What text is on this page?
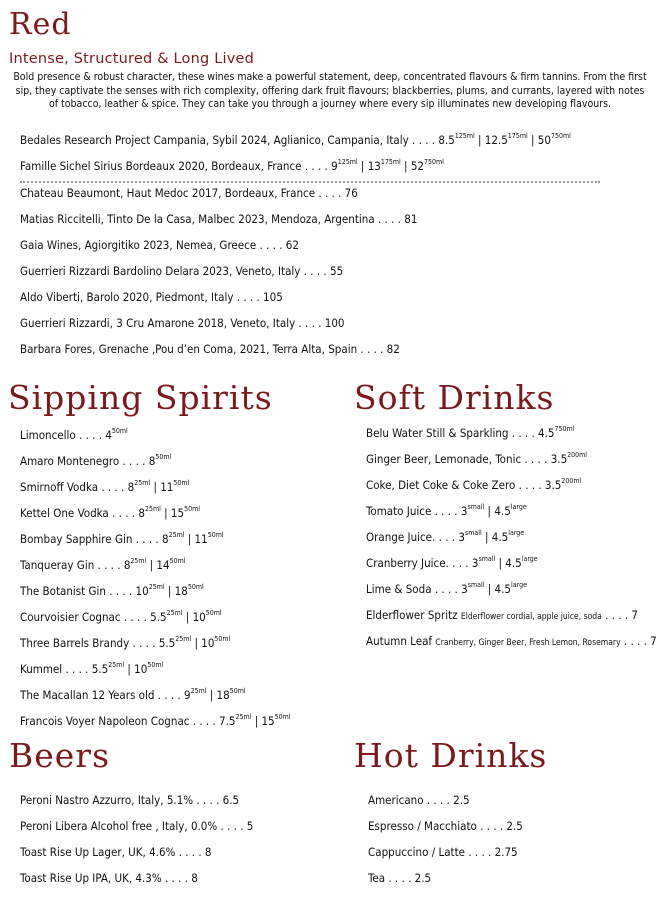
Red
Intense, Structured & Long Lived
Bold presence & robust character, these wines make a powerful statement, deep, concentrated flavours & firm tannins. From the first sip, they captivate the senses with rich complexity, offering dark fruit flavours; blackberries, plums, and currants, layered with notes of tobacco, leather & spice. They can take you through a journey where every sip illuminates new developing flavours.
Bedales Research Project Campania, Sybil 2024, Aglianico, Campania, Italy . . . . $8.5^{125ml}$ | $12.5^{175ml}$ | $50^{750ml}$
Famille Sichel Sirius Bordeaux 2020, Bordeaux, France . . . . $9^{125ml}$ | $13^{175ml}$ | $52^{750ml}$
Chateau Beaumont, Haut Medoc 2017, Bordeaux, France . . . . 76
Matias Riccitelli, Tinto De la Casa, Malbec 2023, Mendoza, Argentina . . . . 81
Gaia Wines, Agiorgitiko 2023, Nemea, Greece . . . . 62
Guerrieri Rizzardi Bardolino Delara 2023, Veneto, Italy . . . . 55
Aldo Viberti, Barolo 2020, Piedmont, Italy . . . . 105
Guerrieri Rizzardi, 3 Cru Amarone 2018, Veneto, Italy . . . . 100
Barbara Fores, Grenache ,Pou d’en Coma, 2021, Terra Alta, Spain . . . . 82
Sipping Spirits
Limoncello . . . . $4^{50ml}$
Amaro Montenegro . . . . $8^{50ml}$
Smirnoff Vodka . . . . $8^{25ml}$ | $11^{50ml}$
Kettel One Vodka . . . . $8^{25ml}$ | $15^{50ml}$
Bombay Sapphire Gin . . . . $8^{25ml}$ | $11^{50ml}$
Tanqueray Gin . . . . $8^{25ml}$ | $14^{50ml}$
The Botanist Gin . . . . $10^{25ml}$ | $18^{50ml}$
Courvoisier Cognac . . . . $5.5^{25ml}$ | $10^{50ml}$
Three Barrels Brandy . . . . $5.5^{25ml}$ | $10^{50ml}$
Kummel . . . . $5.5^{25ml}$ | $10^{50ml}$
The Macallan 12 Years old . . . . $9^{25ml}$ | $18^{50ml}$
Francois Voyer Napoleon Cognac . . . . $7.5^{25ml}$ | $15^{50ml}$
Soft Drinks
Belu Water Still & Sparkling . . . . $4.5^{750ml}$
Ginger Beer, Lemonade, Tonic . . . . $3.5^{200ml}$
Coke, Diet Coke & Coke Zero . . . . $3.5^{200ml}$
Tomato Juice . . . . $3^{small}$ | $4.5^{large}$
Orange Juice. . . . $3^{small}$ | $4.5^{large}$
Cranberry Juice. . . . $3^{small}$ | $4.5^{large}$
Lime & Soda . . . . $3^{small}$ | $4.5^{large}$
Elderflower Spritz Elderflower cordial, apple juice, soda . . . . 7
Autumn Leaf Cranberry, Ginger Beer, Fresh Lemon, Rosemary . . . . 7
Beers
Peroni Nastro Azzurro, Italy, 5.1% . . . . 6.5
Peroni Libera Alcohol free , Italy, 0.0% . . . . 5
Toast Rise Up Lager, UK, 4.6% . . . . 8
Toast Rise Up IPA, UK, 4.3% . . . . 8
Hot Drinks
Americano . . . . 2.5
Espresso / Macchiato . . . . 2.5
Cappuccino / Latte . . . . 2.75
Tea . . . . 2.5
